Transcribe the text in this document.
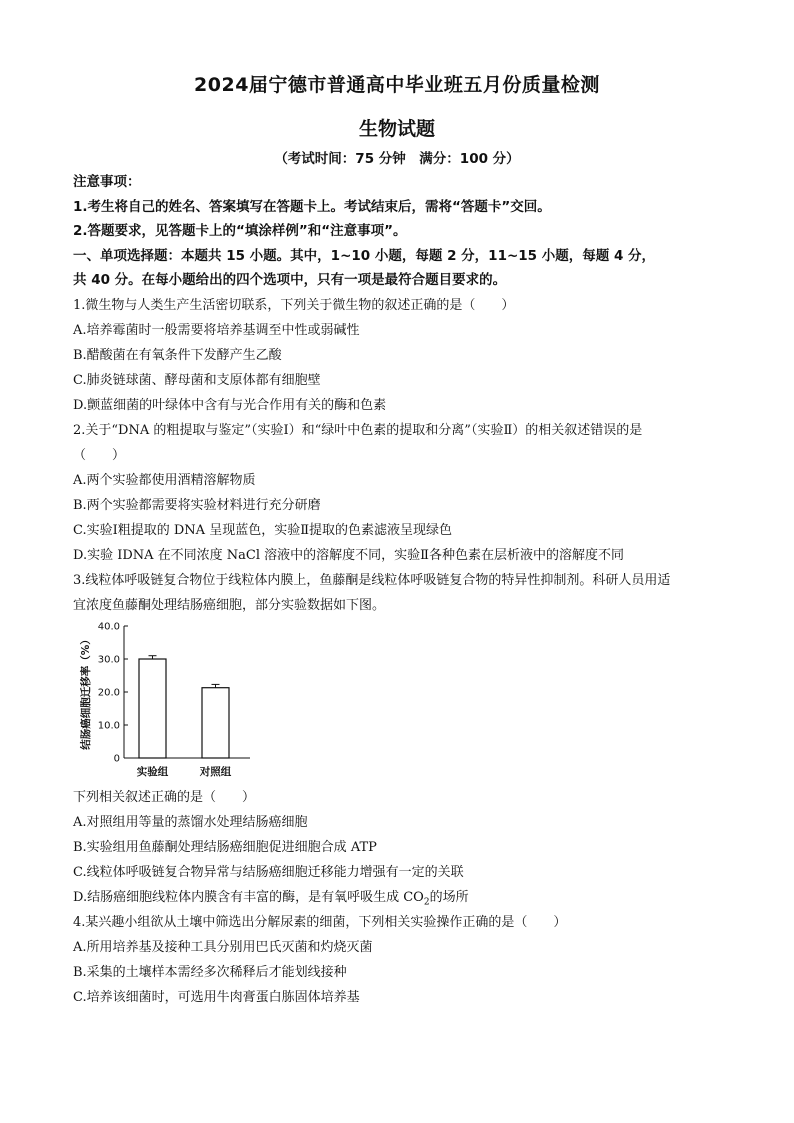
2024届宁德市普通高中毕业班五月份质量检测
生物试题
（考试时间：75 分钟　满分：100 分）
注意事项：
1.考生将自己的姓名、答案填写在答题卡上。考试结束后，需将“答题卡”交回。
2.答题要求，见答题卡上的“填涂样例”和“注意事项”。
一、单项选择题：本题共 15 小题。其中，1~10 小题，每题 2 分，11~15 小题，每题 4 分，
共 40 分。在每小题给出的四个选项中，只有一项是最符合题目要求的。
1.微生物与人类生产生活密切联系，下列关于微生物的叙述正确的是（　　）
A.培养霉菌时一般需要将培养基调至中性或弱碱性
B.醋酸菌在有氧条件下发酵产生乙酸
C.肺炎链球菌、酵母菌和支原体都有细胞壁
D.颤蓝细菌的叶绿体中含有与光合作用有关的酶和色素
2.关于“DNA 的粗提取与鉴定”（实验Ⅰ）和“绿叶中色素的提取和分离”（实验Ⅱ）的相关叙述错误的是
（　　）
A.两个实验都使用酒精溶解物质
B.两个实验都需要将实验材料进行充分研磨
C.实验Ⅰ粗提取的 DNA 呈现蓝色，实验Ⅱ提取的色素滤液呈现绿色
D.实验 IDNA 在不同浓度 NaCl 溶液中的溶解度不同，实验Ⅱ各种色素在层析液中的溶解度不同
3.线粒体呼吸链复合物位于线粒体内膜上，鱼藤酮是线粒体呼吸链复合物的特异性抑制剂。科研人员用适
宜浓度鱼藤酮处理结肠癌细胞，部分实验数据如下图。
0
10.0
20.0
30.0
40.0
结肠癌细胞迁移率（%）
实验组	对照组
下列相关叙述正确的是（　　）
A.对照组用等量的蒸馏水处理结肠癌细胞
B.实验组用鱼藤酮处理结肠癌细胞促进细胞合成 ATP
C.线粒体呼吸链复合物异常与结肠癌细胞迁移能力增强有一定的关联
D.结肠癌细胞线粒体内膜含有丰富的酶，是有氧呼吸生成 $CO_2$的场所
4.某兴趣小组欲从土壤中筛选出分解尿素的细菌，下列相关实验操作正确的是（　　）
A.所用培养基及接种工具分别用巴氏灭菌和灼烧灭菌
B.采集的土壤样本需经多次稀释后才能划线接种
C.培养该细菌时，可选用牛肉膏蛋白胨固体培养基
